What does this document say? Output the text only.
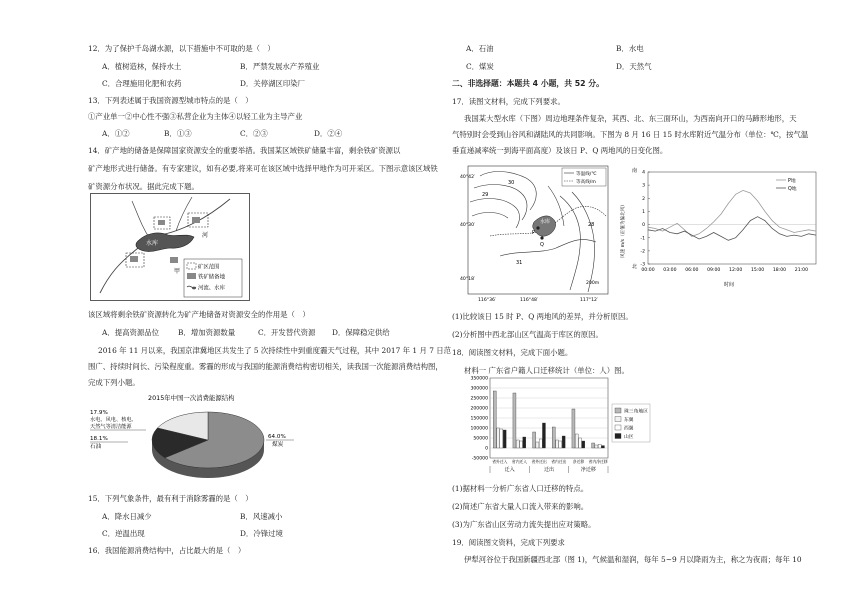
12．为了保护千岛湖水源，以下措施中不可取的是（　）
A．植树造林，保持水土	B．严禁发展水产养殖业
C．合理施用化肥和农药	D．关停湖区印染厂
13．下列表述属于我国资源型城市特点的是（　）
①产业单一②中心性不强③私营企业为主体④以轻工业为主导产业
A．①②	B．①③	C．②③	D．②④
14．矿产地的储备是保障国家资源安全的重要举措。我国某区域铁矿储量丰富，剩余铁矿资源以
矿产地形式进行储备。有专家建议，如有必要,将来可在该区域中选择甲地作为可开采区。下图示意该区域铁
矿资源分布状况。据此完成下题。
水库
河
甲
矿区范围
铁矿储备地
河流、水库
该区域将剩余铁矿资源转化为矿产地储备对资源安全的作用是（　）
A．提高资源品位	B．增加资源数量	C．开发替代资源 D．保障稳定供给
2016 年 11 月以来，我国京津冀地区共发生了 5 次持续性中到重度霾天气过程，其中 2017 年 1 月 7 日范
围广、持续时间长、污染程度重。雾霾的形成与我国的能源消费结构密切相关，读我国一次能源消费结构图，
完成下列小题。
2015年中国一次消费能源结构
17.9%
水电、风电、核电、
天然气等清洁能源
18.1%
石油
64.0%
煤炭
15．下列气象条件，最有利于消除雾霾的是（　）
A．降水日减少	B．风速减小
C．逆温出现	D．冷锋过境
16．我国能源消费结构中，占比最大的是（　）
A．石油	B．水电
C．煤炭	D．天然气
二、非选择题：本题共 4 小题，共 52 分。
17．读图文材料，完成下列要求。
我国某大型水库（下图）周边地理条件复杂，其西、北、东三面环山，为西南向开口的马蹄形地形，天
气特别时会受到山谷风和湖陆风的共同影响。下图为 8 月 16 日 15 时水库附近气温分布（单位：℃，按气温
垂直递减率统一到海平面高度）及该日 P、Q 两地风的日变化图。
等温线/℃
等高线/m
水库
P
Q
29
30
28
31
200m
40°42′
40°30′
40°18′
116°36′	116°48′	117°12′
南
北
风速 m/s（正值为偏北风）
4
3
2
1
0
-1
-2
-3
00:00 03:00 06:00 09:00 12:00 15:00 18:00 21:00
时间
P地
Q地
(1)比较该日 15 时 P、Q 两地风的差异，并分析原因。
(2)分析图中西北部山区气温高于库区的原因。
18．阅读图文材料，完成下面小题。
材料一 广东省户籍人口迁移统计（单位：人）图。
350000
300000
250000
200000
150000
100000
50000
0
-50000 省外迁入 省内迁入 省外迁出 省内迁出 净迁移 省内净迁移
迁入	迁出	净迁移
珠三角地区
东翼
西翼
山区
(1)据材料一分析广东省人口迁移的特点。
(2)简述广东省大量人口流入带来的影响。
(3)为广东省山区劳动力流失提出应对策略。
19．阅读图文资料，完成下列要求
伊犁河谷位于我国新疆西北部（图 1)，气候温和湿润，每年 5~9 月以降雨为主，称之为夜雨；每年 10
